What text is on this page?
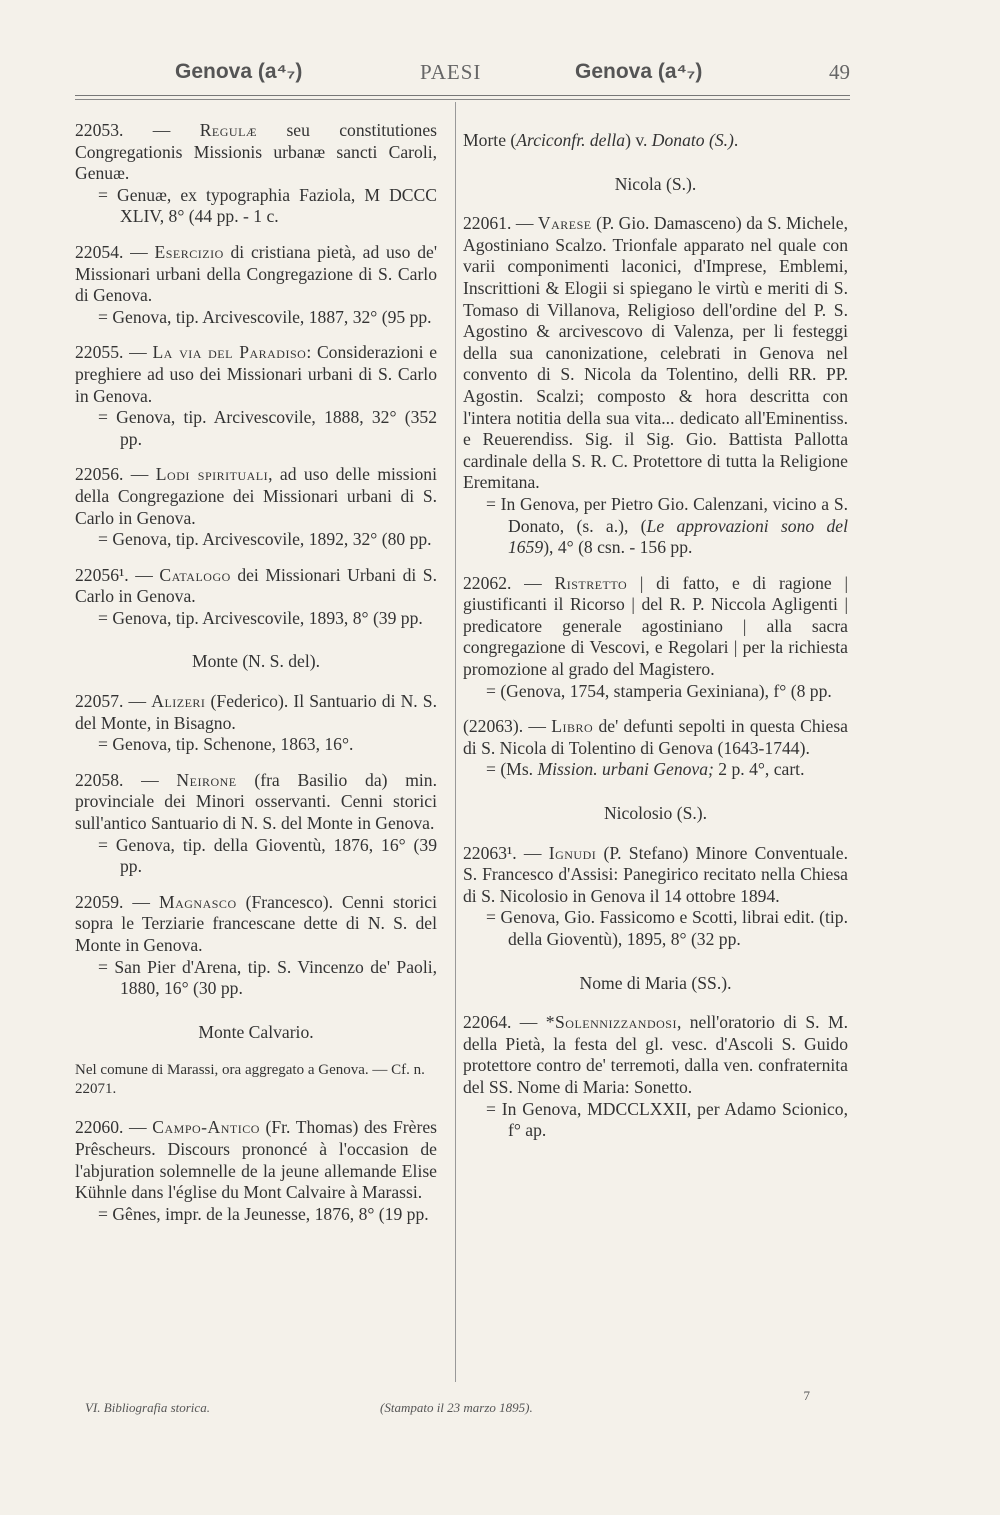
Genova (a⁴₇)	PAESI	Genova (a⁴₇)	49
22053. — Regulæ seu constitutiones Congregationis Missionis urbanæ sancti Caroli, Genuæ.
= Genuæ, ex typographia Faziola, M DCCC XLIV, 8° (44 pp. - 1 c.
22054. — Esercizio di cristiana pietà, ad uso de' Missionari urbani della Congregazione di S. Carlo di Genova.
= Genova, tip. Arcivescovile, 1887, 32° (95 pp.
22055. — La via del Paradiso: Considerazioni e preghiere ad uso dei Missionari urbani di S. Carlo in Genova.
= Genova, tip. Arcivescovile, 1888, 32° (352 pp.
22056. — Lodi spirituali, ad uso delle missioni della Congregazione dei Missionari urbani di S. Carlo in Genova.
= Genova, tip. Arcivescovile, 1892, 32° (80 pp.
22056¹. — Catalogo dei Missionari Urbani di S. Carlo in Genova.
= Genova, tip. Arcivescovile, 1893, 8° (39 pp.
Monte (N. S. del).
22057. — Alizeri (Federico). Il Santuario di N. S. del Monte, in Bisagno.
= Genova, tip. Schenone, 1863, 16°.
22058. — Neirone (fra Basilio da) min. provinciale dei Minori osservanti. Cenni storici sull'antico Santuario di N. S. del Monte in Genova.
= Genova, tip. della Gioventù, 1876, 16° (39 pp.
22059. — Magnasco (Francesco). Cenni storici sopra le Terziarie francescane dette di N. S. del Monte in Genova.
= San Pier d'Arena, tip. S. Vincenzo de' Paoli, 1880, 16° (30 pp.
Monte Calvario.
Nel comune di Marassi, ora aggregato a Genova. — Cf. n. 22071.
22060. — Campo-Antico (Fr. Thomas) des Frères Prêscheurs. Discours prononcé à l'occasion de l'abjuration solemnelle de la jeune allemande Elise Kühnle dans l'église du Mont Calvaire à Marassi.
= Gênes, impr. de la Jeunesse, 1876, 8° (19 pp.
Morte (Arciconfr. della) v. Donato (S.).
Nicola (S.).
22061. — Varese (P. Gio. Damasceno) da S. Michele, Agostiniano Scalzo. Trionfale apparato nel quale con varii componimenti laconici, d'Imprese, Emblemi, Inscrittioni & Elogii si spiegano le virtù e meriti di S. Tomaso di Villanova, Religioso dell'ordine del P. S. Agostino & arcivescovo di Valenza, per li festeggi della sua canonizatione, celebrati in Genova nel convento di S. Nicola da Tolentino, delli RR. PP. Agostin. Scalzi; composto & hora descritta con l'intera notitia della sua vita... dedicato all'Eminentiss. e Reuerendiss. Sig. il Sig. Gio. Battista Pallotta cardinale della S. R. C. Protettore di tutta la Religione Eremitana.
= In Genova, per Pietro Gio. Calenzani, vicino a S. Donato, (s. a.), (Le approvazioni sono del 1659), 4° (8 csn. - 156 pp.
22062. — Ristretto | di fatto, e di ragione | giustificanti il Ricorso | del R. P. Niccola Agligenti | predicatore generale agostiniano | alla sacra congregazione di Vescovi, e Regolari | per la richiesta promozione al grado del Magistero.
= (Genova, 1754, stamperia Gexiniana), f° (8 pp.
(22063). — Libro de' defunti sepolti in questa Chiesa di S. Nicola di Tolentino di Genova (1643-1744).
= (Ms. Mission. urbani Genova; 2 p. 4°, cart.
Nicolosio (S.).
22063¹. — Ignudi (P. Stefano) Minore Conventuale. S. Francesco d'Assisi: Panegirico recitato nella Chiesa di S. Nicolosio in Genova il 14 ottobre 1894.
= Genova, Gio. Fassicomo e Scotti, librai edit. (tip. della Gioventù), 1895, 8° (32 pp.
Nome di Maria (SS.).
22064. — *Solennizzandosi, nell'oratorio di S. M. della Pietà, la festa del gl. vesc. d'Ascoli S. Guido protettore contro de' terremoti, dalla ven. confraternita del SS. Nome di Maria: Sonetto.
= In Genova, MDCCLXXII, per Adamo Scionico, f° ap.
VI. Bibliografia storica.	(Stampato il 23 marzo 1895).
7
